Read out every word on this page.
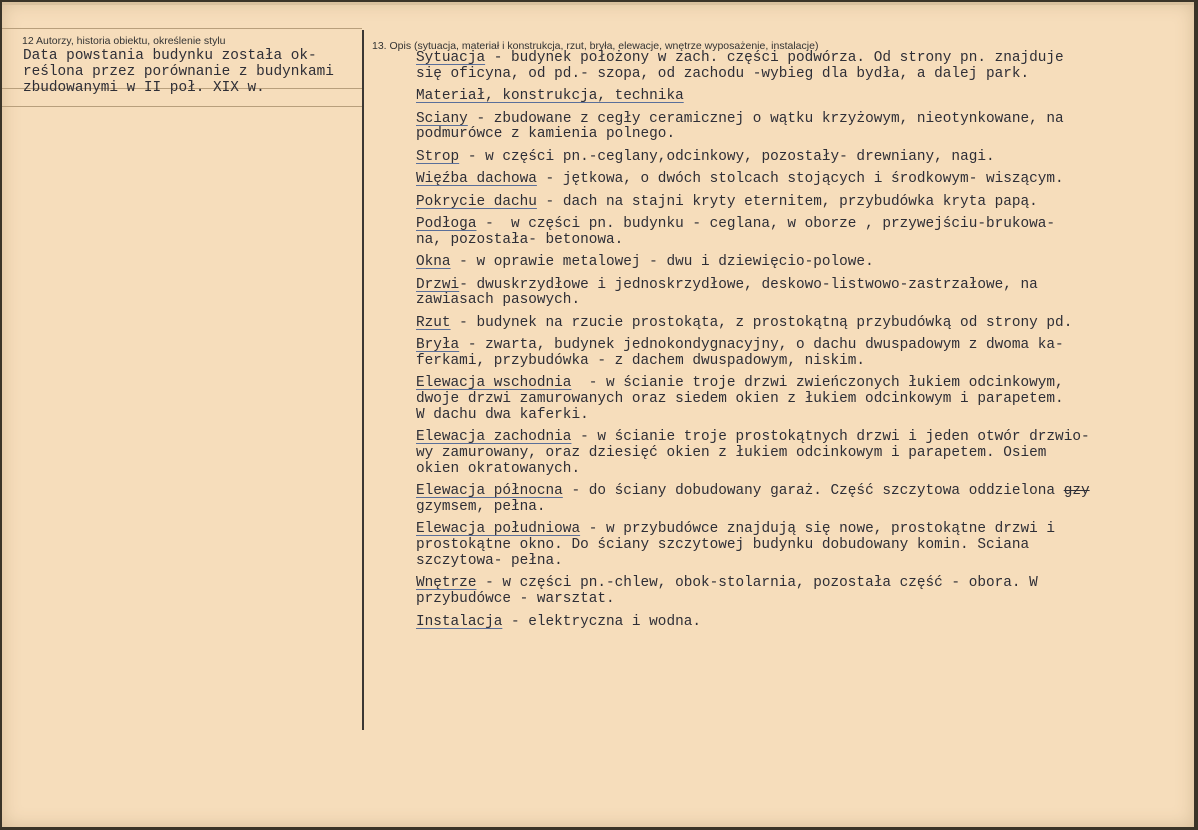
12 Autorzy, historia obiektu, określenie stylu	13. Opis (sytuacja, materiał i konstrukcja, rzut, bryła, elewacje, wnętrze wyposażenie, instalacje)
Data powstania budynku została ok-
reślona przez porównanie z budynkami
zbudowanymi w II poł. XIX w.
Sytuacja - budynek położony w zach. części podwórza. Od strony pn. znajduje
się oficyna, od pd.- szopa, od zachodu -wybieg dla bydła, a dalej park.
Materiał, konstrukcja, technika
Sciany - zbudowane z cegły ceramicznej o wątku krzyżowym, nieotynkowane, na
podmurówce z kamienia polnego.
Strop - w części pn.-ceglany,odcinkowy, pozostały- drewniany, nagi.
Więźba dachowa - jętkowa, o dwóch stolcach stojących i środkowym- wiszącym.
Pokrycie dachu - dach na stajni kryty eternitem, przybudówka kryta papą.
Podłoga -  w części pn. budynku - ceglana, w oborze , przywejściu-brukowa-
na, pozostała- betonowa.
Okna - w oprawie metalowej - dwu i dziewięcio-polowe.
Drzwi- dwuskrzydłowe i jednoskrzydłowe, deskowo-listwowo-zastrzałowe, na
zawiasach pasowych.
Rzut - budynek na rzucie prostokąta, z prostokątną przybudówką od strony pd.
Bryła - zwarta, budynek jednokondygnacyjny, o dachu dwuspadowym z dwoma ka-
ferkami, przybudówka - z dachem dwuspadowym, niskim.
Elewacja wschodnia  - w ścianie troje drzwi zwieńczonych łukiem odcinkowym,
dwoje drzwi zamurowanych oraz siedem okien z łukiem odcinkowym i parapetem.
W dachu dwa kaferki.
Elewacja zachodnia - w ścianie troje prostokątnych drzwi i jeden otwór drzwio-
wy zamurowany, oraz dziesięć okien z łukiem odcinkowym i parapetem. Osiem
okien okratowanych.
Elewacja północna - do ściany dobudowany garaż. Część szczytowa oddzielona gzy
gzymsem, pełna.
Elewacja południowa - w przybudówce znajdują się nowe, prostokątne drzwi i
prostokątne okno. Do ściany szczytowej budynku dobudowany komin. Sciana
szczytowa- pełna.
Wnętrze - w części pn.-chlew, obok-stolarnia, pozostała część - obora. W
przybudówce - warsztat.
Instalacja - elektryczna i wodna.
